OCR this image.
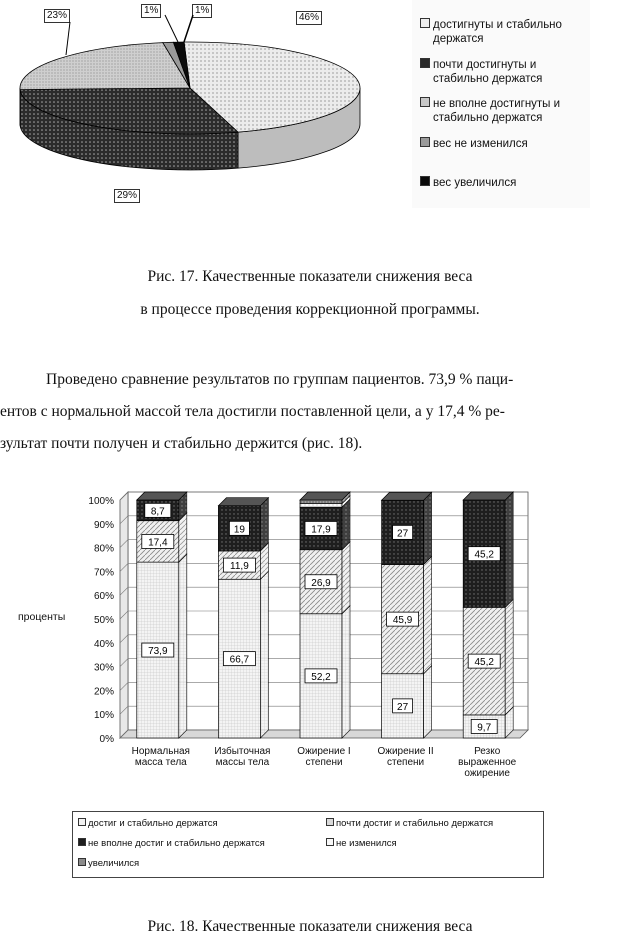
23%	1%	1%
46%
29%
достигнуты и стабильно держатся
почти достигнуты и стабильно держатся
не вполне достигнуты и стабильно держатся
вес не изменился
вес увеличился
Рис. 17. Качественные показатели снижения веса
в процессе проведения коррекционной программы.
Проведено сравнение результатов по группам пациентов. 73,9 % паци-
ентов с нормальной массой тела достигли поставленной цели, а у 17,4 % ре-
зультат почти получен и стабильно держится (рис. 18).
0%
10%
20%
30%
40%
50%
60%
70%
80%
90%
100%
73,9
17,4
8,7
66,7
11,9
19
52,2
26,9
17,9
27
45,9
27
9,7
45,2
45,2
проценты
Нормальная
масса тела
Избыточная
массы тела
Ожирение I
степени
Ожирение II
степени
Резко
выраженное
ожирение
достиг и стабильно держатся	почти достиг и стабильно держатся
не вполне достиг и стабильно держатся	не изменился
увеличился
Рис. 18. Качественные показатели снижения веса
